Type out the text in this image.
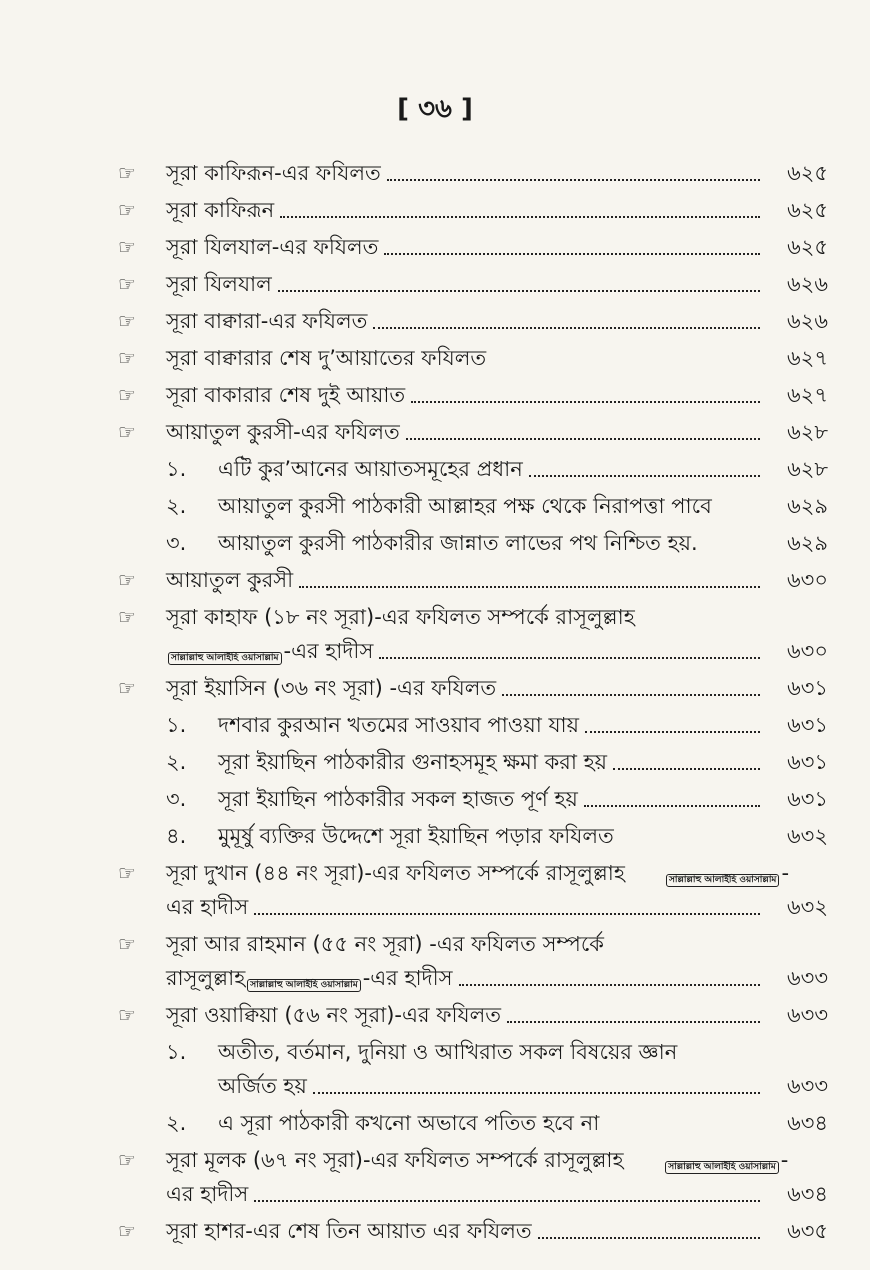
[ ৩৬ ]
☞	সূরা কাফিরূন-এর ফযিলত	৬২৫
☞	সূরা কাফিরূন	৬২৫
☞	সূরা যিলযাল-এর ফযিলত	৬২৫
☞	সূরা যিলযাল	৬২৬
☞	সূরা বাক্বারা-এর ফযিলত	৬২৬
☞	সূরা বাক্বারার শেষ দু’আয়াতের ফযিলত	৬২৭
☞	সূরা বাকারার শেষ দুই আয়াত	৬২৭
☞	আয়াতুল কুরসী-এর ফযিলত	৬২৮
১.	এটি কুর’আনের আয়াতসমূহের প্রধান	৬২৮
২.	আয়াতুল কুরসী পাঠকারী আল্লাহর পক্ষ থেকে নিরাপত্তা পাবে	৬২৯
৩.	আয়াতুল কুরসী পাঠকারীর জান্নাত লাভের পথ নিশ্চিত হয়.	৬২৯
☞	আয়াতুল কুরসী	৬৩০
☞	সূরা কাহাফ (১৮ নং সূরা)-এর ফযিলত সম্পর্কে রাসূলুল্লাহ
সাল্লাল্লাহু আলাইহি ওয়াসাল্লাম -এর হাদীস	৬৩০
☞	সূরা ইয়াসিন (৩৬ নং সূরা) -এর ফযিলত	৬৩১
১.	দশবার কুরআন খতমের সাওয়াব পাওয়া যায়	৬৩১
২.	সূরা ইয়াছিন পাঠকারীর গুনাহসমূহ ক্ষমা করা হয়	৬৩১
৩.	সূরা ইয়াছিন পাঠকারীর সকল হাজত পূর্ণ হয়	৬৩১
৪.	মুমূর্ষু ব্যক্তির উদ্দেশে সূরা ইয়াছিন পড়ার ফযিলত	৬৩২
☞	সূরা দুখান (৪৪ নং সূরা)-এর ফযিলত সম্পর্কে রাসূলুল্লাহ	সাল্লাল্লাহু আলাইহি ওয়াসাল্লাম -
এর হাদীস	৬৩২
☞	সূরা আর রাহমান (৫৫ নং সূরা) -এর ফযিলত সম্পর্কে
রাসূলুল্লাহ সাল্লাল্লাহু আলাইহি ওয়াসাল্লাম -এর হাদীস	৬৩৩
☞	সূরা ওয়াক্বিয়া (৫৬ নং সূরা)-এর ফযিলত	৬৩৩
১.	অতীত, বর্তমান, দুনিয়া ও আখিরাত সকল বিষয়ের জ্ঞান
অর্জিত হয়	৬৩৩
২.	এ সূরা পাঠকারী কখনো অভাবে পতিত হবে না	৬৩৪
☞	সূরা মূলক (৬৭ নং সূরা)-এর ফযিলত সম্পর্কে রাসূলুল্লাহ	সাল্লাল্লাহু আলাইহি ওয়াসাল্লাম -
এর হাদীস	৬৩৪
☞	সূরা হাশর-এর শেষ তিন আয়াত এর ফযিলত	৬৩৫
